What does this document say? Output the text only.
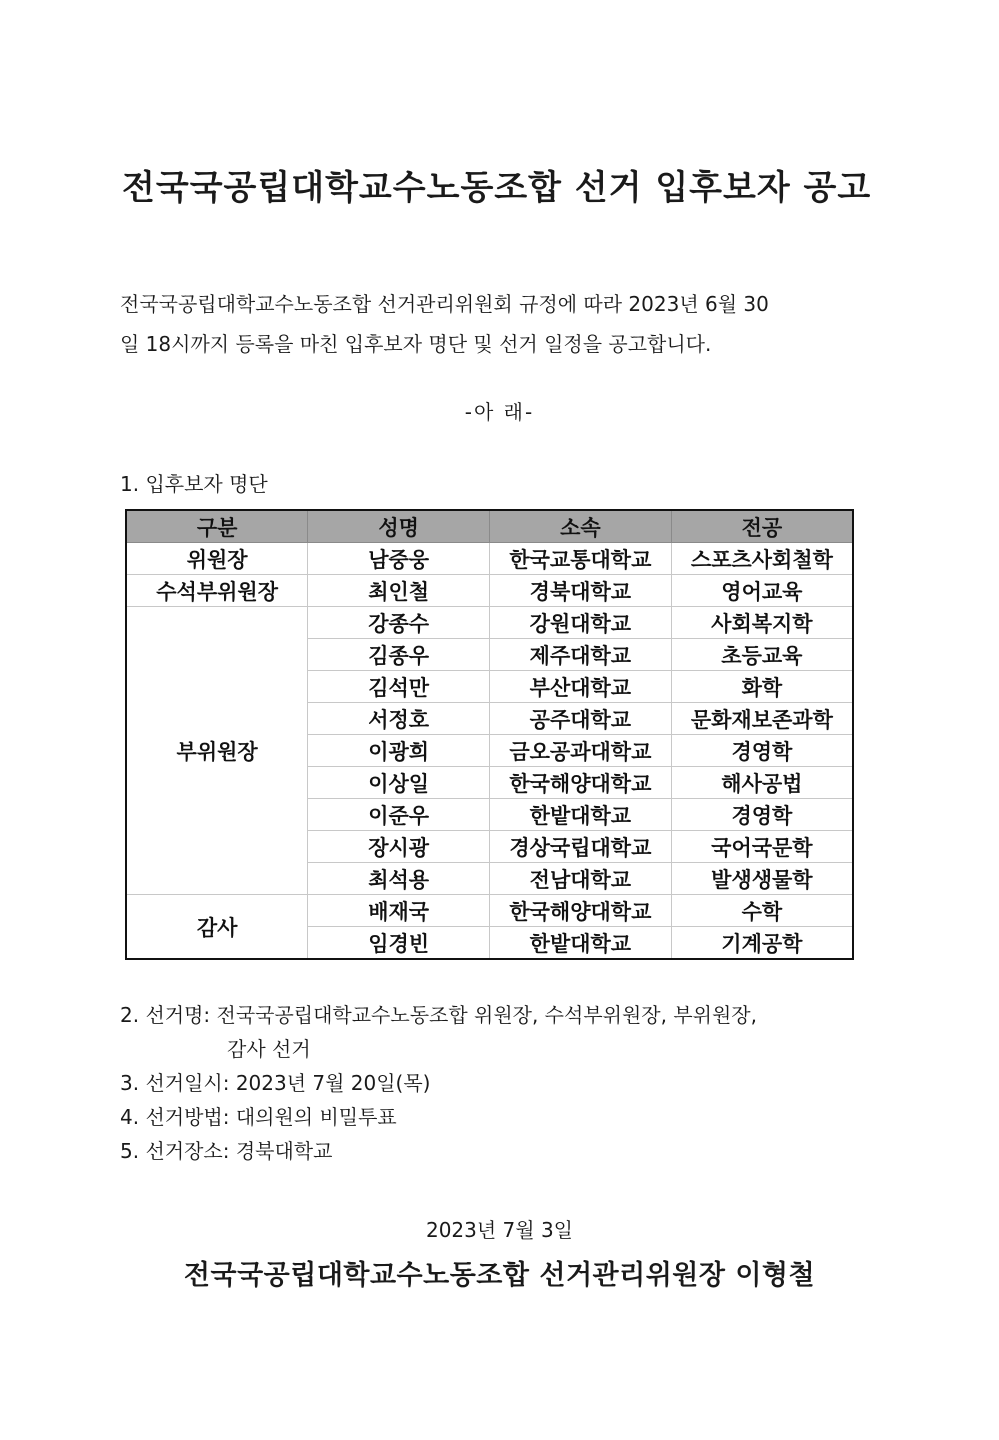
전국국공립대학교수노동조합 선거 입후보자 공고
전국국공립대학교수노동조합 선거관리위원회 규정에 따라 2023년 6월 30
일 18시까지 등록을 마친 입후보자 명단 및 선거 일정을 공고합니다.
-아 래-
1. 입후보자 명단
구분	성명	소속	전공
위원장	남중웅	한국교통대학교	스포츠사회철학
수석부위원장	최인철	경북대학교	영어교육
부위원장	강종수	강원대학교	사회복지학
	김종우	제주대학교	초등교육
	김석만	부산대학교	화학
	서정호	공주대학교	문화재보존과학
	이광희	금오공과대학교	경영학
	이상일	한국해양대학교	해사공법
	이준우	한밭대학교	경영학
	장시광	경상국립대학교	국어국문학
	최석용	전남대학교	발생생물학
감사	배재국	한국해양대학교	수학
	임경빈	한밭대학교	기계공학
2. 선거명: 전국국공립대학교수노동조합 위원장, 수석부위원장, 부위원장,
감사 선거
3. 선거일시: 2023년 7월 20일(목)
4. 선거방법: 대의원의 비밀투표
5. 선거장소: 경북대학교
2023년 7월 3일
전국국공립대학교수노동조합 선거관리위원장 이형철
